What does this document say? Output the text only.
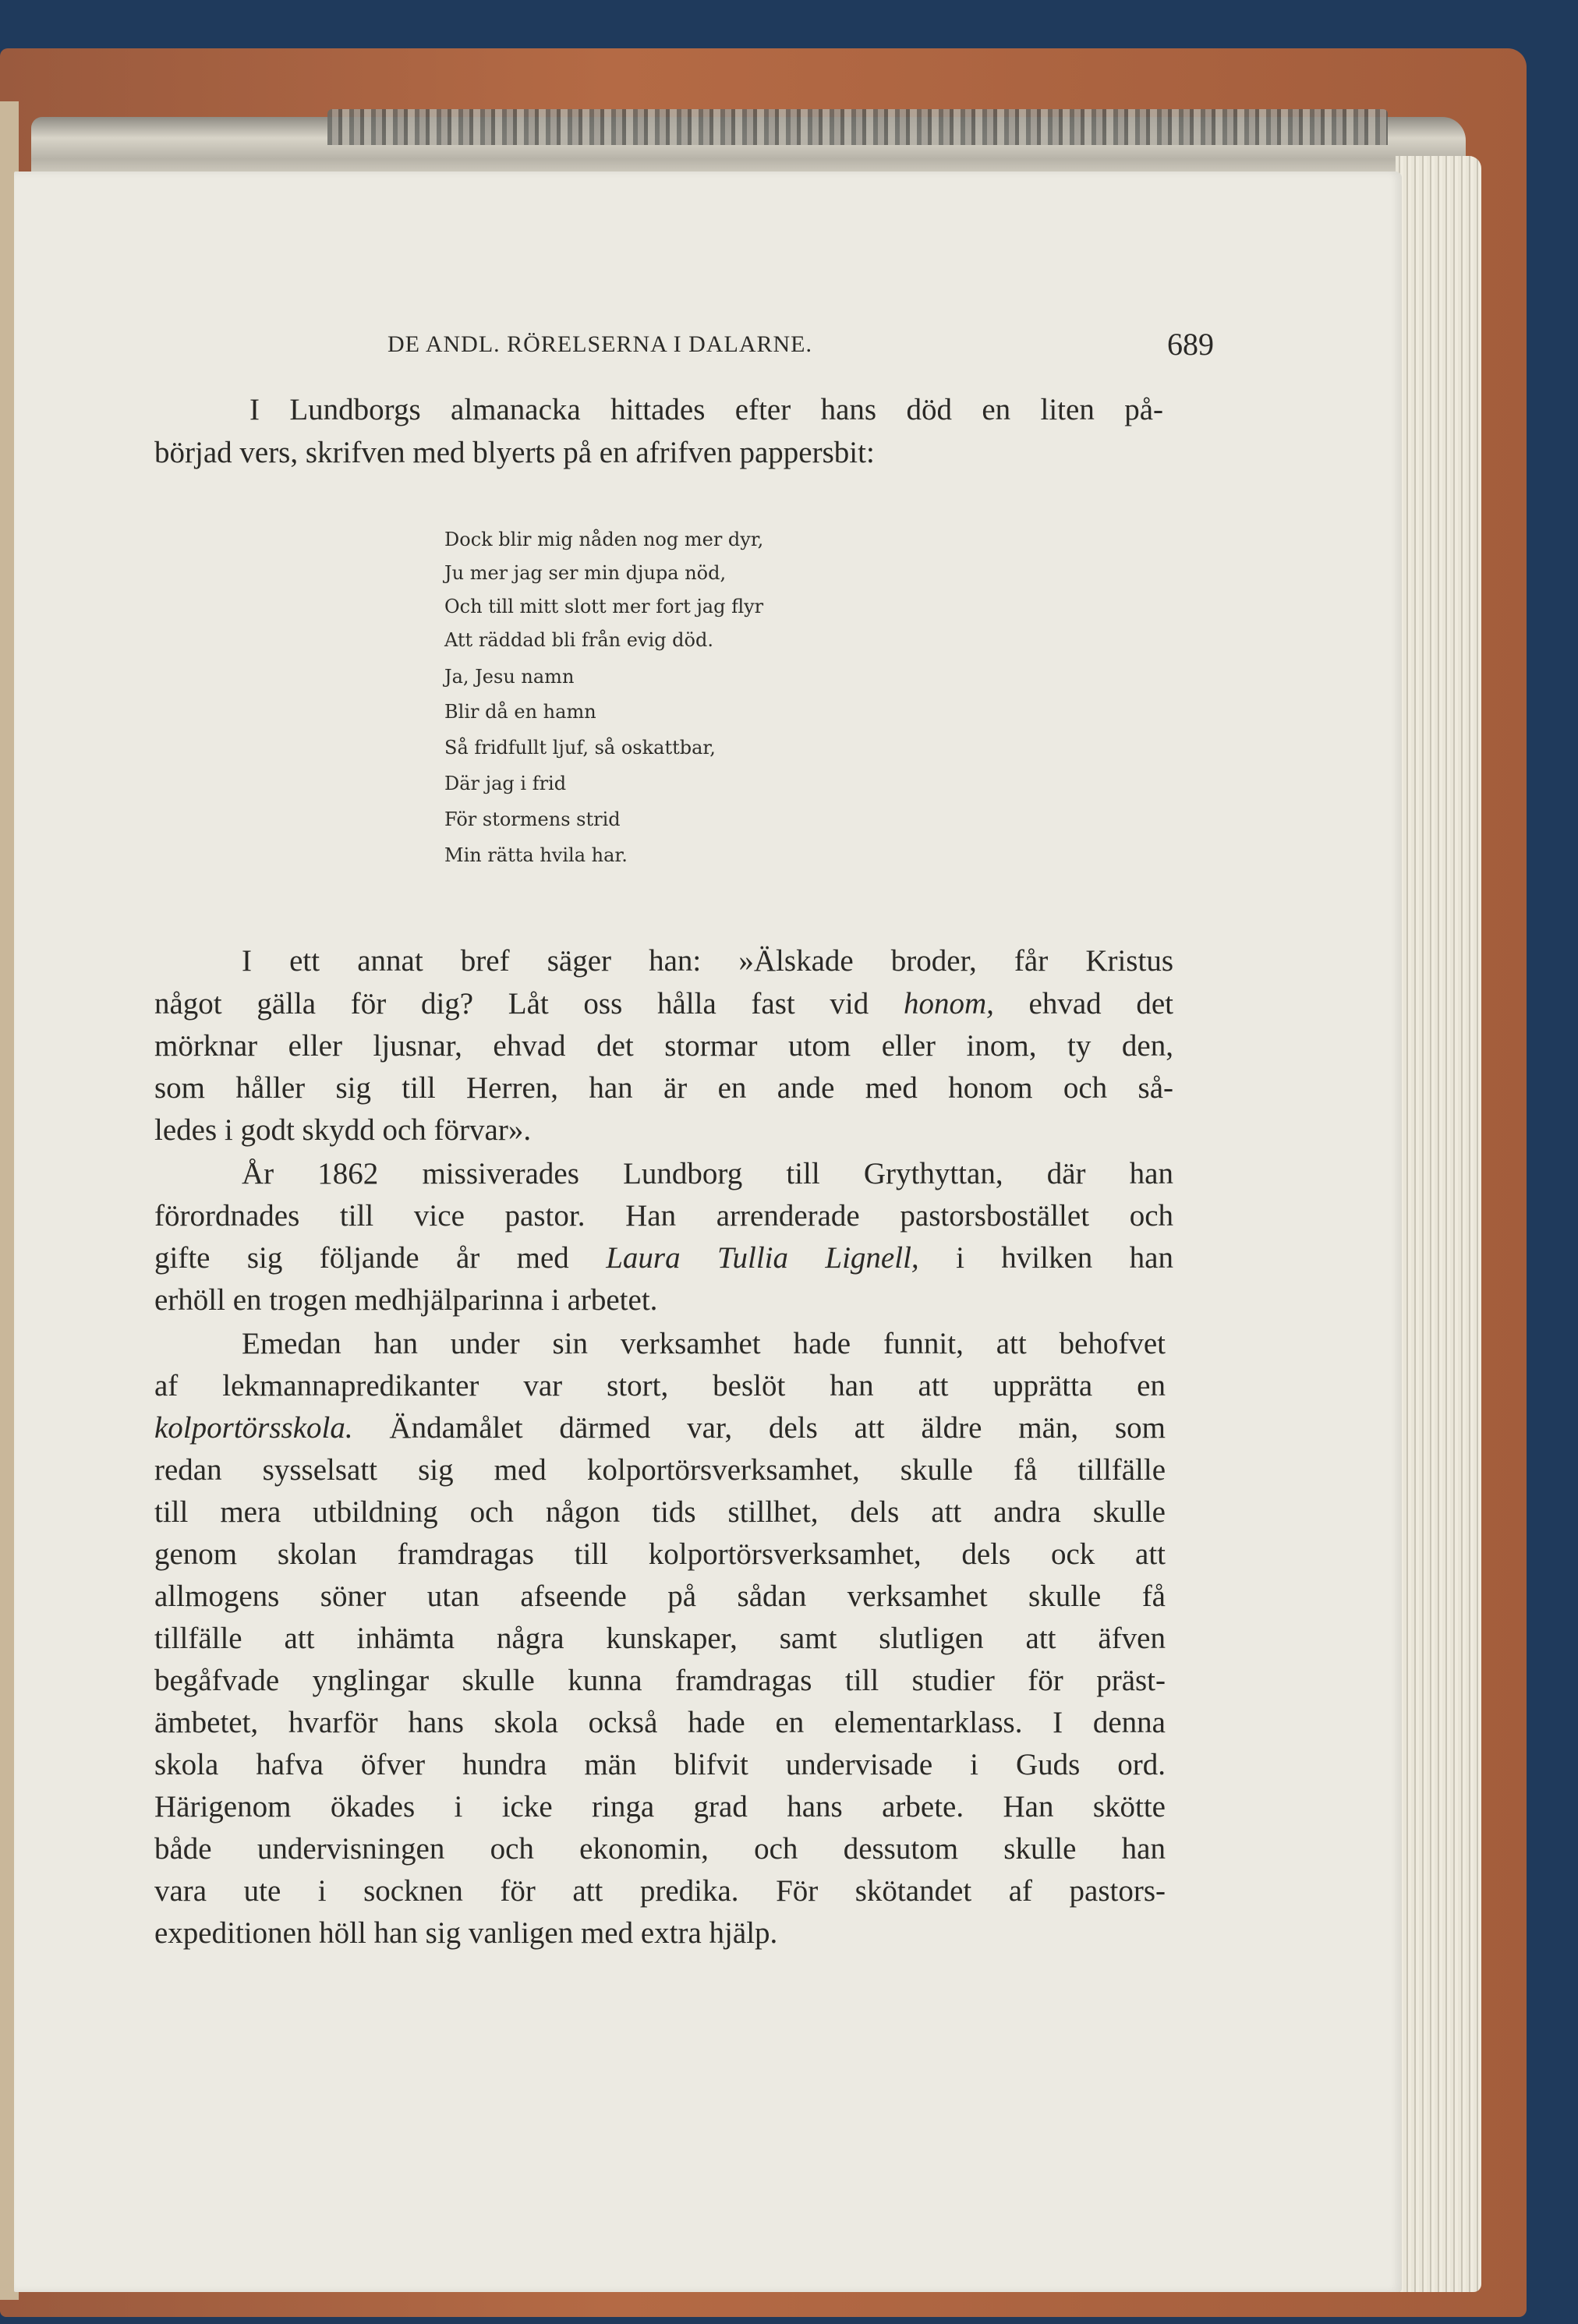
DE ANDL. RÖRELSERNA I DALARNE.	689
I Lundborgs almanacka hittades efter hans död en liten på-
börjad vers, skrifven med blyerts på en afrifven pappersbit:
Dock blir mig nåden nog mer dyr,
Ju mer jag ser min djupa nöd,
Och till mitt slott mer fort jag flyr
Att räddad bli från evig död.
Ja, Jesu namn
Blir då en hamn
Så fridfullt ljuf, så oskattbar,
Där jag i frid
För stormens strid
Min rätta hvila har.
I ett annat bref säger han: »Älskade broder, får Kristus
något gälla för dig? Låt oss hålla fast vid honom, ehvad det
mörknar eller ljusnar, ehvad det stormar utom eller inom, ty den,
som håller sig till Herren, han är en ande med honom och så-
ledes i godt skydd och förvar».
År 1862 missiverades Lundborg till Grythyttan, där han
förordnades till vice pastor. Han arrenderade pastorsbostället och
gifte sig följande år med Laura Tullia Lignell, i hvilken han
erhöll en trogen medhjälparinna i arbetet.
Emedan han under sin verksamhet hade funnit, att behofvet
af lekmannapredikanter var stort, beslöt han att upprätta en
kolportörsskola. Ändamålet därmed var, dels att äldre män, som
redan sysselsatt sig med kolportörsverksamhet, skulle få tillfälle
till mera utbildning och någon tids stillhet, dels att andra skulle
genom skolan framdragas till kolportörsverksamhet, dels ock att
allmogens söner utan afseende på sådan verksamhet skulle få
tillfälle att inhämta några kunskaper, samt slutligen att äfven
begåfvade ynglingar skulle kunna framdragas till studier för präst-
ämbetet, hvarför hans skola också hade en elementarklass. I denna
skola hafva öfver hundra män blifvit undervisade i Guds ord.
Härigenom ökades i icke ringa grad hans arbete. Han skötte
både undervisningen och ekonomin, och dessutom skulle han
vara ute i socknen för att predika. För skötandet af pastors-
expeditionen höll han sig vanligen med extra hjälp.
